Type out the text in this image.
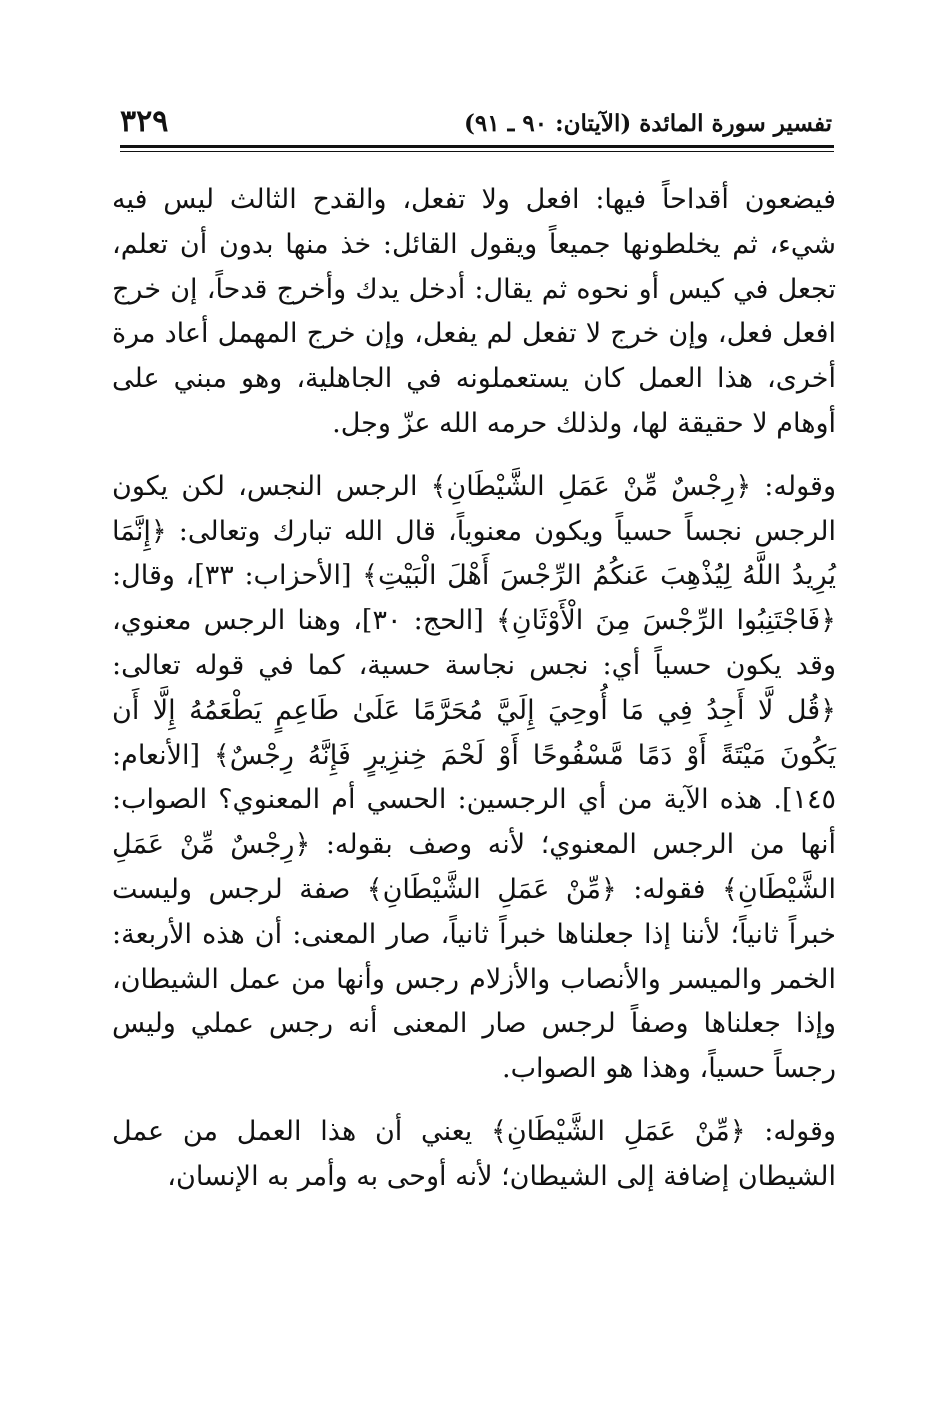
تفسير سورة المائدة (الآيتان: ٩٠ ـ ٩١)
٣٢٩

فيضعون أقداحاً فيها: افعل ولا تفعل، والقدح الثالث ليس فيه شيء، ثم يخلطونها جميعاً ويقول القائل: خذ منها بدون أن تعلم، تجعل في كيس أو نحوه ثم يقال: أدخل يدك وأخرج قدحاً، إن خرج افعل فعل، وإن خرج لا تفعل لم يفعل، وإن خرج المهمل أعاد مرة أخرى، هذا العمل كان يستعملونه في الجاهلية، وهو مبني على أوهام لا حقيقة لها، ولذلك حرمه الله عزّ وجل.

وقوله: ﴿رِجْسٌ مِّنْ عَمَلِ الشَّيْطَانِ﴾ الرجس النجس، لكن يكون الرجس نجساً حسياً ويكون معنوياً، قال الله تبارك وتعالى: ﴿إِنَّمَا يُرِيدُ اللَّهُ لِيُذْهِبَ عَنكُمُ الرِّجْسَ أَهْلَ الْبَيْتِ﴾ [الأحزاب: ٣٣]، وقال: ﴿فَاجْتَنِبُوا الرِّجْسَ مِنَ الْأَوْثَانِ﴾ [الحج: ٣٠]، وهنا الرجس معنوي، وقد يكون حسياً أي: نجس نجاسة حسية، كما في قوله تعالى: ﴿قُل لَّا أَجِدُ فِي مَا أُوحِيَ إِلَيَّ مُحَرَّمًا عَلَىٰ طَاعِمٍ يَطْعَمُهُ إِلَّا أَن يَكُونَ مَيْتَةً أَوْ دَمًا مَّسْفُوحًا أَوْ لَحْمَ خِنزِيرٍ فَإِنَّهُ رِجْسٌ﴾ [الأنعام: ١٤٥]. هذه الآية من أي الرجسين: الحسي أم المعنوي؟ الصواب: أنها من الرجس المعنوي؛ لأنه وصف بقوله: ﴿رِجْسٌ مِّنْ عَمَلِ الشَّيْطَانِ﴾ فقوله: ﴿مِّنْ عَمَلِ الشَّيْطَانِ﴾ صفة لرجس وليست خبراً ثانياً؛ لأننا إذا جعلناها خبراً ثانياً، صار المعنى: أن هذه الأربعة: الخمر والميسر والأنصاب والأزلام رجس وأنها من عمل الشيطان، وإذا جعلناها وصفاً لرجس صار المعنى أنه رجس عملي وليس رجساً حسياً، وهذا هو الصواب.

وقوله: ﴿مِّنْ عَمَلِ الشَّيْطَانِ﴾ يعني أن هذا العمل من عمل الشيطان إضافة إلى الشيطان؛ لأنه أوحى به وأمر به الإنسان،
